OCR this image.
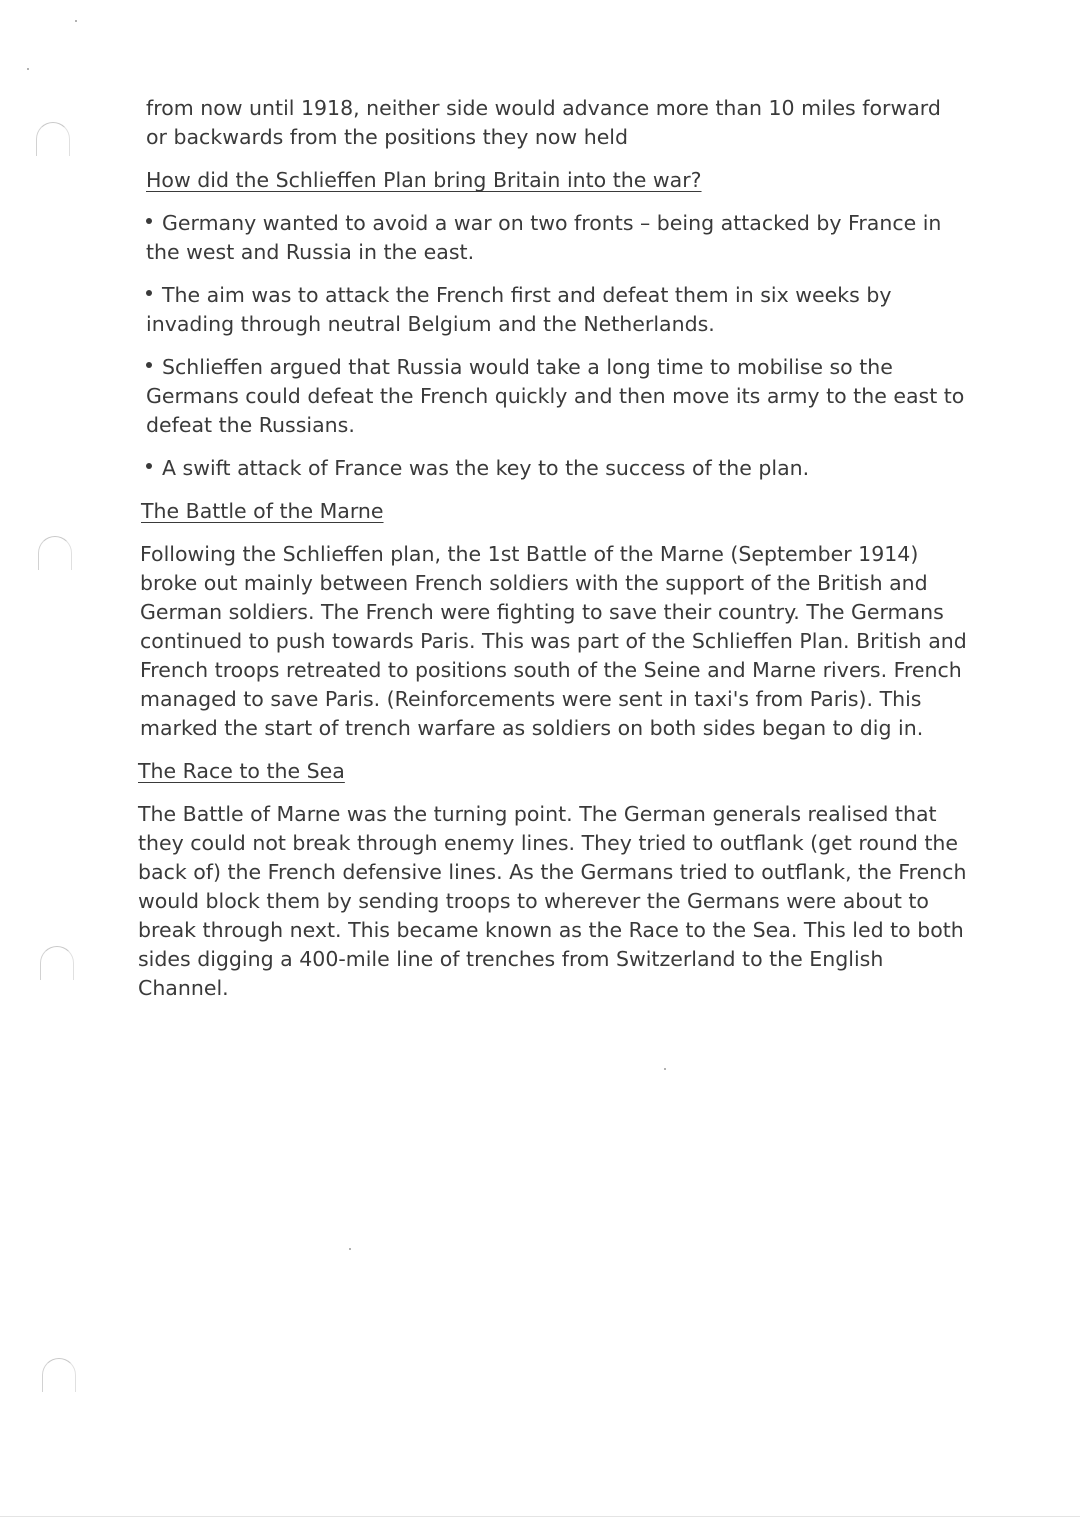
from now until 1918, neither side would advance more than 10 miles forward or backwards from the positions they now held

How did the Schlieffen Plan bring Britain into the war?

Germany wanted to avoid a war on two fronts – being attacked by France in the west and Russia in the east.
The aim was to attack the French first and defeat them in six weeks by invading through neutral Belgium and the Netherlands.
Schlieffen argued that Russia would take a long time to mobilise so the Germans could defeat the French quickly and then move its army to the east to defeat the Russians.
A swift attack of France was the key to the success of the plan.

The Battle of the Marne

Following the Schlieffen plan, the 1st Battle of the Marne (September 1914) broke out mainly between French soldiers with the support of the British and German soldiers. The French were fighting to save their country. The Germans continued to push towards Paris. This was part of the Schlieffen Plan. British and French troops retreated to positions south of the Seine and Marne rivers. French managed to save Paris. (Reinforcements were sent in taxi's from Paris). This marked the start of trench warfare as soldiers on both sides began to dig in.

The Race to the Sea

The Battle of Marne was the turning point. The German generals realised that they could not break through enemy lines. They tried to outflank (get round the back of) the French defensive lines. As the Germans tried to outflank, the French would block them by sending troops to wherever the Germans were about to break through next. This became known as the Race to the Sea. This led to both sides digging a 400-mile line of trenches from Switzerland to the English Channel.
